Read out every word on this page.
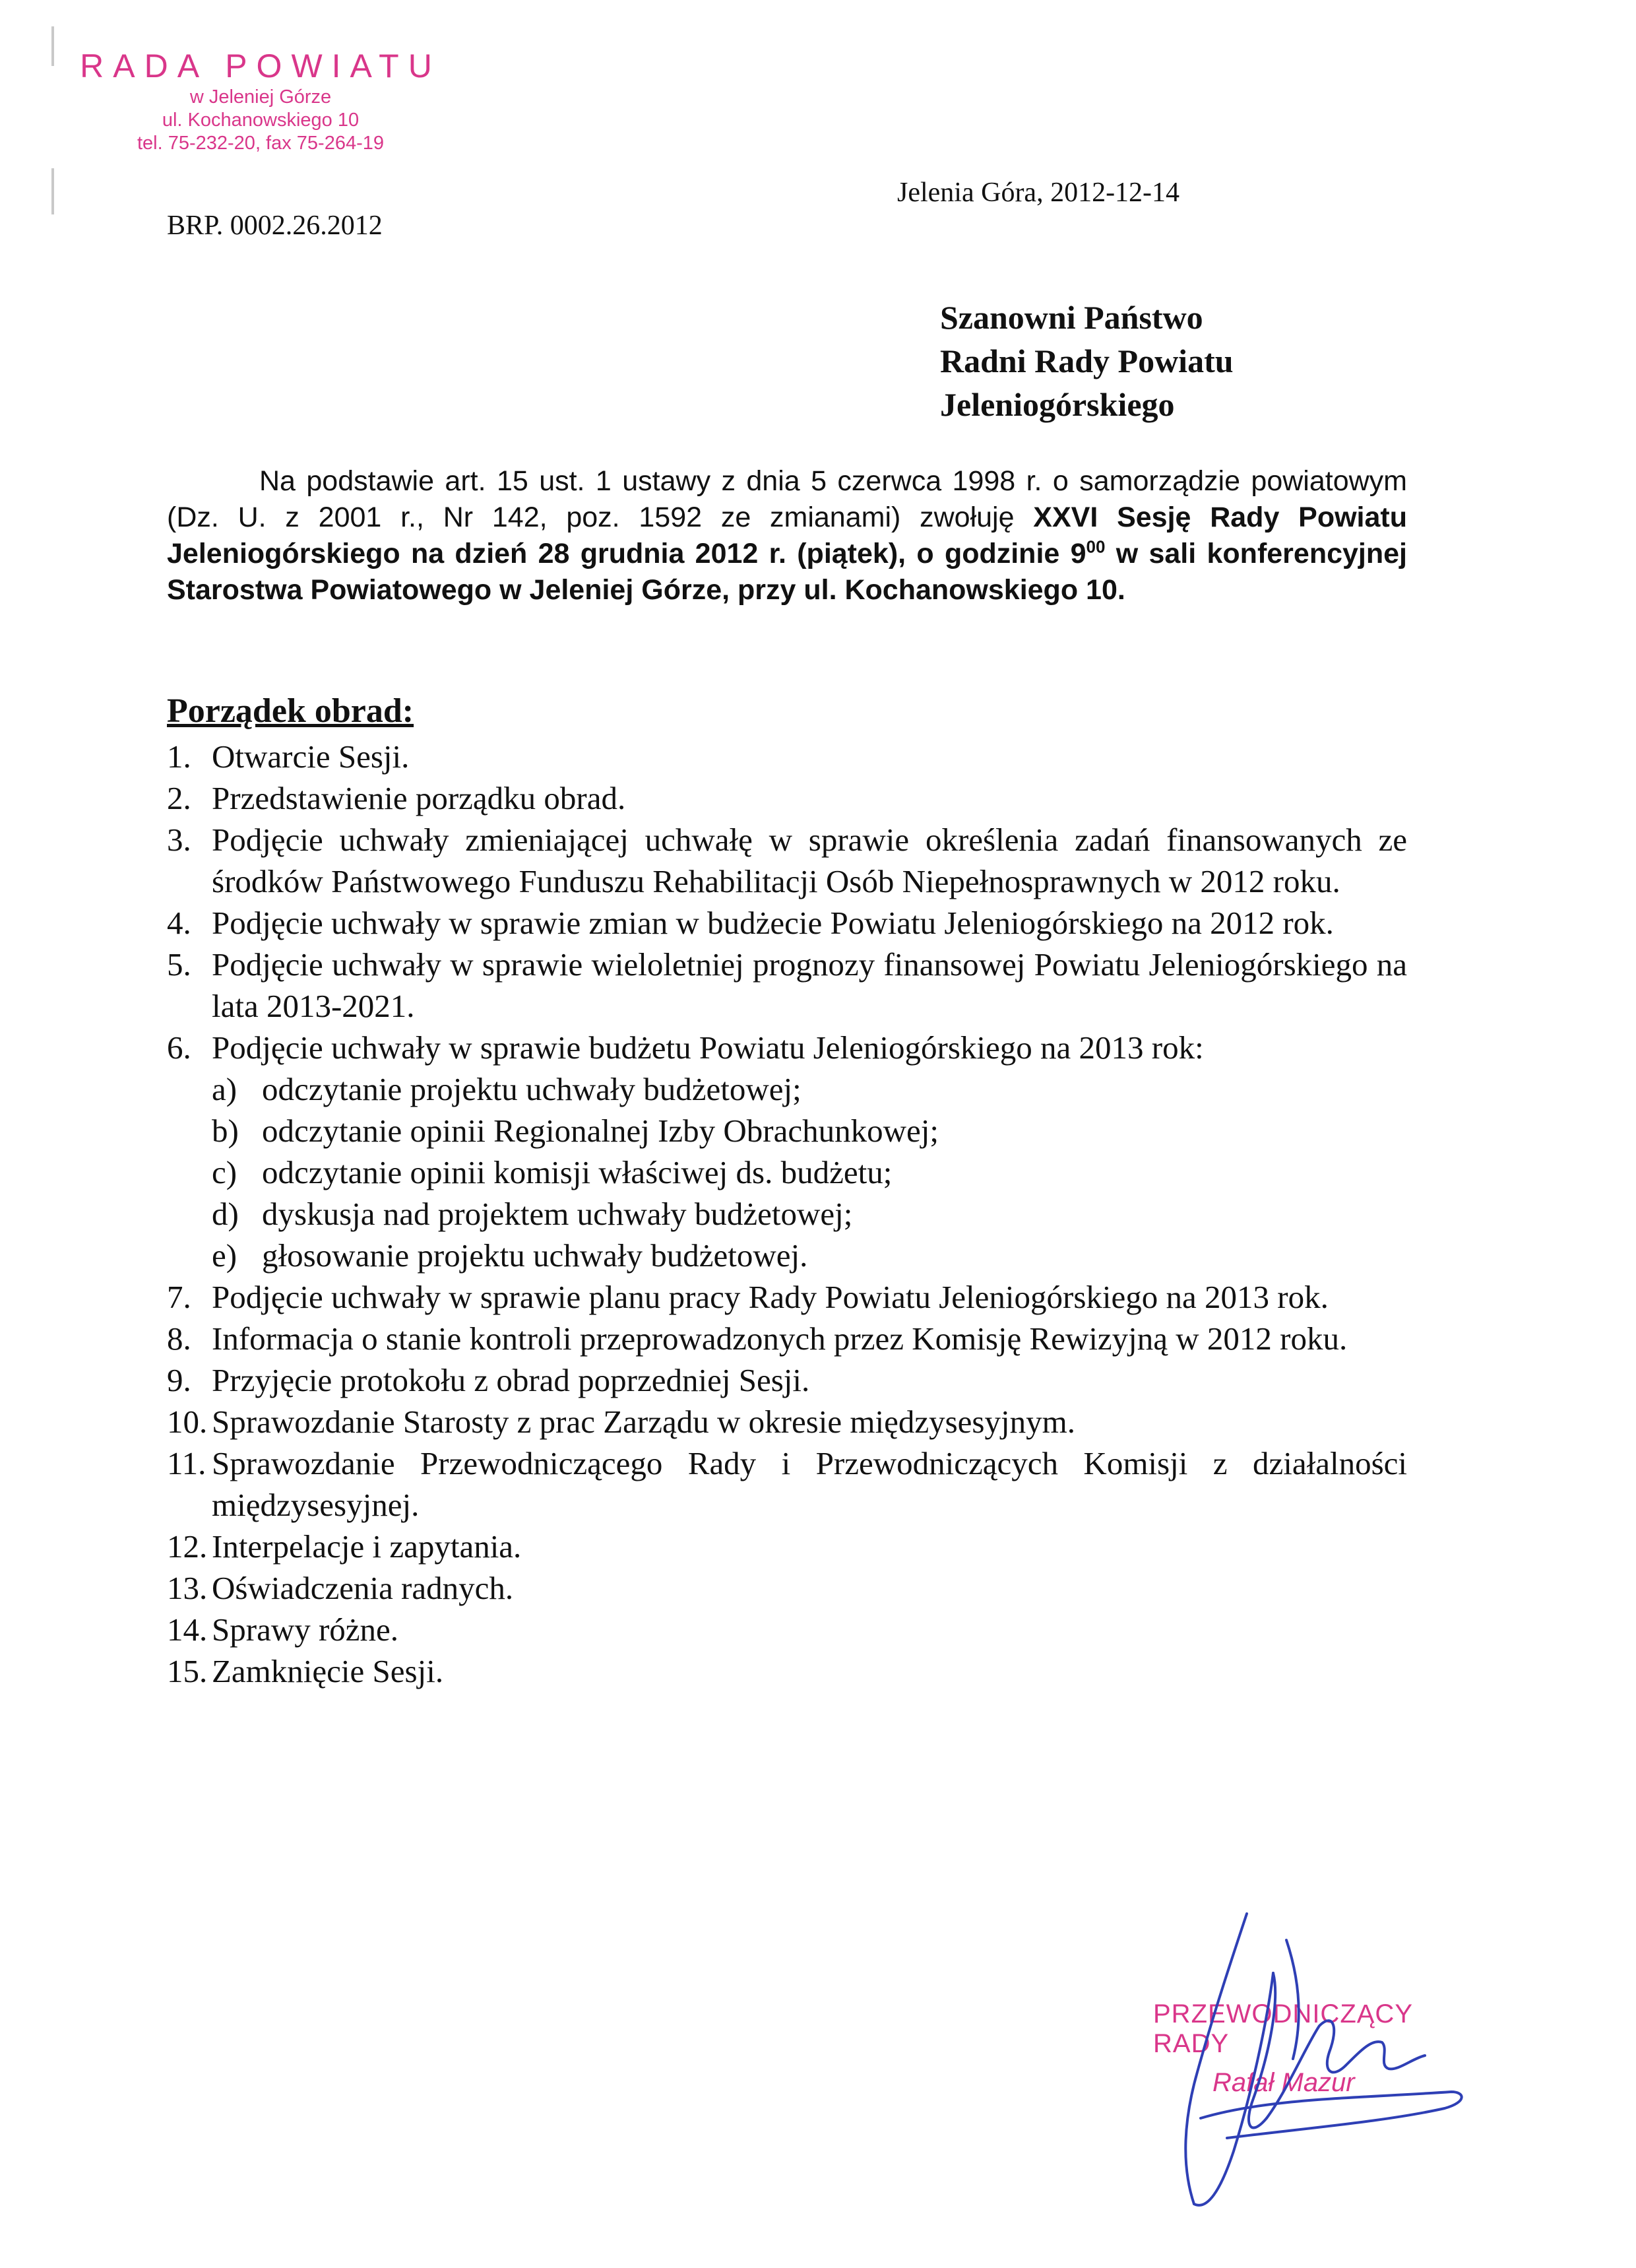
RADA POWIATU
w Jeleniej Górze
ul. Kochanowskiego 10
tel. 75-232-20, fax 75-264-19
Jelenia Góra, 2012-12-14
BRP. 0002.26.2012
Szanowni Państwo
Radni Rady Powiatu
Jeleniogórskiego
Na podstawie art. 15 ust. 1 ustawy z dnia 5 czerwca 1998 r. o samorządzie powiatowym (Dz. U. z 2001 r., Nr 142, poz. 1592 ze zmianami) zwołuję XXVI Sesję Rady Powiatu Jeleniogórskiego na dzień 28 grudnia 2012 r. (piątek), o godzinie $9^{00}$ w sali konferencyjnej Starostwa Powiatowego w Jeleniej Górze, przy ul. Kochanowskiego 10.
Porządek obrad:
1. Otwarcie Sesji.
2. Przedstawienie porządku obrad.
3. Podjęcie uchwały zmieniającej uchwałę w sprawie określenia zadań finansowanych ze środków Państwowego Funduszu Rehabilitacji Osób Niepełnosprawnych w 2012 roku.
4. Podjęcie uchwały w sprawie zmian w budżecie Powiatu Jeleniogórskiego na 2012 rok.
5. Podjęcie uchwały w sprawie wieloletniej prognozy finansowej Powiatu Jeleniogórskiego na lata 2013-2021.
6. Podjęcie uchwały w sprawie budżetu Powiatu Jeleniogórskiego na 2013 rok:
a) odczytanie projektu uchwały budżetowej;
b) odczytanie opinii Regionalnej Izby Obrachunkowej;
c) odczytanie opinii komisji właściwej ds. budżetu;
d) dyskusja nad projektem uchwały budżetowej;
e) głosowanie projektu uchwały budżetowej.
7. Podjęcie uchwały w sprawie planu pracy Rady Powiatu Jeleniogórskiego na 2013 rok.
8. Informacja o stanie kontroli przeprowadzonych przez Komisję Rewizyjną w 2012 roku.
9. Przyjęcie protokołu z obrad poprzedniej Sesji.
10. Sprawozdanie Starosty z prac Zarządu w okresie międzysesyjnym.
11. Sprawozdanie Przewodniczącego Rady i Przewodniczących Komisji z działalności międzysesyjnej.
12. Interpelacje i zapytania.
13. Oświadczenia radnych.
14. Sprawy różne.
15. Zamknięcie Sesji.
PRZEWODNICZĄCY RADY
Rafał Mazur
